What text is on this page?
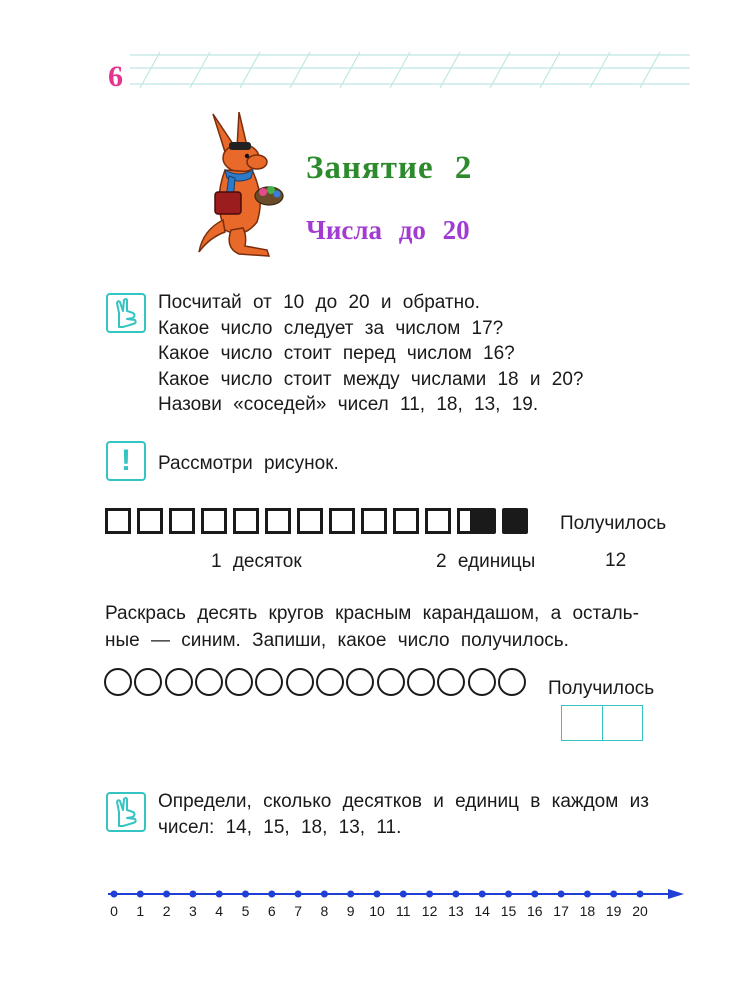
6
Занятие 2
Числа до 20
Посчитай от 10 до 20 и обратно.
Какое число следует за числом 17?
Какое число стоит перед числом 16?
Какое число стоит между числами 18 и 20?
Назови «соседей» чисел 11, 18, 13, 19.
! Рассмотри рисунок.
Получилось
1 десяток	2 единицы	12
Раскрась десять кругов красным карандашом, а осталь-
ные — синим. Запиши, какое число получилось.
Получилось
Определи, сколько десятков и единиц в каждом из
чисел: 14, 15, 18, 13, 11.
0 1 2 3 4 5 6 7 8 9 10 11 12 13 14 15 16 17 18 19 20
